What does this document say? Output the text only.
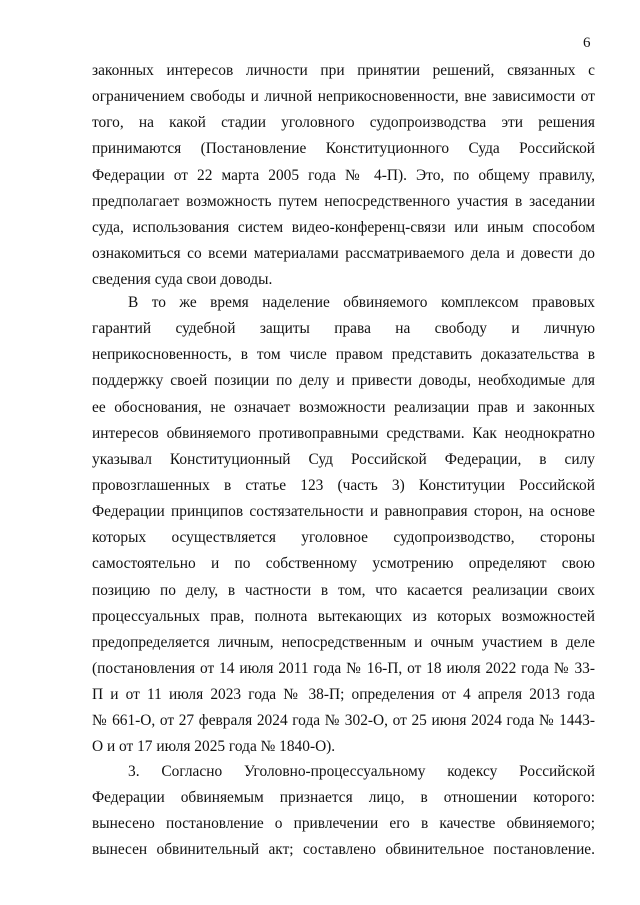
6
законных интересов личности при принятии решений, связанных с
ограничением свободы и личной неприкосновенности, вне зависимости от
того, на какой стадии уголовного судопроизводства эти решения
принимаются (Постановление Конституционного Суда Российской
Федерации от 22 марта 2005 года № 4-П). Это, по общему правилу,
предполагает возможность путем непосредственного участия в заседании
суда, использования систем видео-конференц-связи или иным способом
ознакомиться со всеми материалами рассматриваемого дела и довести до
сведения суда свои доводы.
В то же время наделение обвиняемого комплексом правовых
гарантий судебной защиты права на свободу и личную
неприкосновенность, в том числе правом представить доказательства в
поддержку своей позиции по делу и привести доводы, необходимые для
ее обоснования, не означает возможности реализации прав и законных
интересов обвиняемого противоправными средствами. Как неоднократно
указывал Конституционный Суд Российской Федерации, в силу
провозглашенных в статье 123 (часть 3) Конституции Российской
Федерации принципов состязательности и равноправия сторон, на основе
которых осуществляется уголовное судопроизводство, стороны
самостоятельно и по собственному усмотрению определяют свою
позицию по делу, в частности в том, что касается реализации своих
процессуальных прав, полнота вытекающих из которых возможностей
предопределяется личным, непосредственным и очным участием в деле
(постановления от 14 июля 2011 года № 16-П, от 18 июля 2022 года № 33-
П и от 11 июля 2023 года № 38-П; определения от 4 апреля 2013 года
№ 661-О, от 27 февраля 2024 года № 302-О, от 25 июня 2024 года № 1443-
О и от 17 июля 2025 года № 1840-О).
3. Согласно Уголовно-процессуальному кодексу Российской
Федерации обвиняемым признается лицо, в отношении которого:
вынесено постановление о привлечении его в качестве обвиняемого;
вынесен обвинительный акт; составлено обвинительное постановление.
